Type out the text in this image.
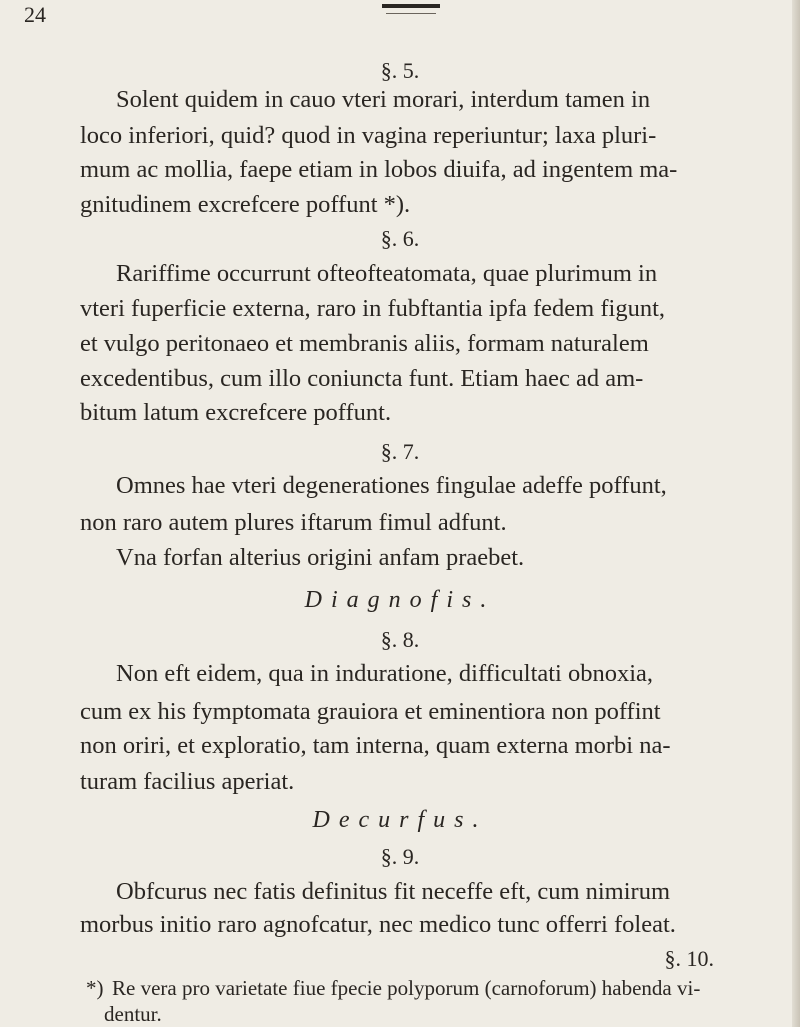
24
§. 5.
Solent quidem in cauo vteri morari, interdum tamen in
loco inferiori, quid? quod in vagina reperiuntur; laxa pluri-
mum ac mollia, faepe etiam in lobos diuifa, ad ingentem ma-
gnitudinem excrefcere poffunt *).
§. 6.
Rariffime occurrunt ofteofteatomata, quae plurimum in
vteri fuperficie externa, raro in fubftantia ipfa fedem figunt,
et vulgo peritonaeo et membranis aliis, formam naturalem
excedentibus, cum illo coniuncta funt. Etiam haec ad am-
bitum latum excrefcere poffunt.
§. 7.
Omnes hae vteri degenerationes fingulae adeffe poffunt,
non raro autem plures iftarum fimul adfunt.
Vna forfan alterius origini anfam praebet.
Diagnofis.
§. 8.
Non eft eidem, qua in induratione, difficultati obnoxia,
cum ex his fymptomata grauiora et eminentiora non poffint
non oriri, et exploratio, tam interna, quam externa morbi na-
turam facilius aperiat.
Decurfus.
§. 9.
Obfcurus nec fatis definitus fit neceffe eft, cum nimirum
morbus initio raro agnofcatur, nec medico tunc offerri foleat.
§. 10.
*) Re vera pro varietate fiue fpecie polyporum (carnoforum) habenda vi-
dentur.
